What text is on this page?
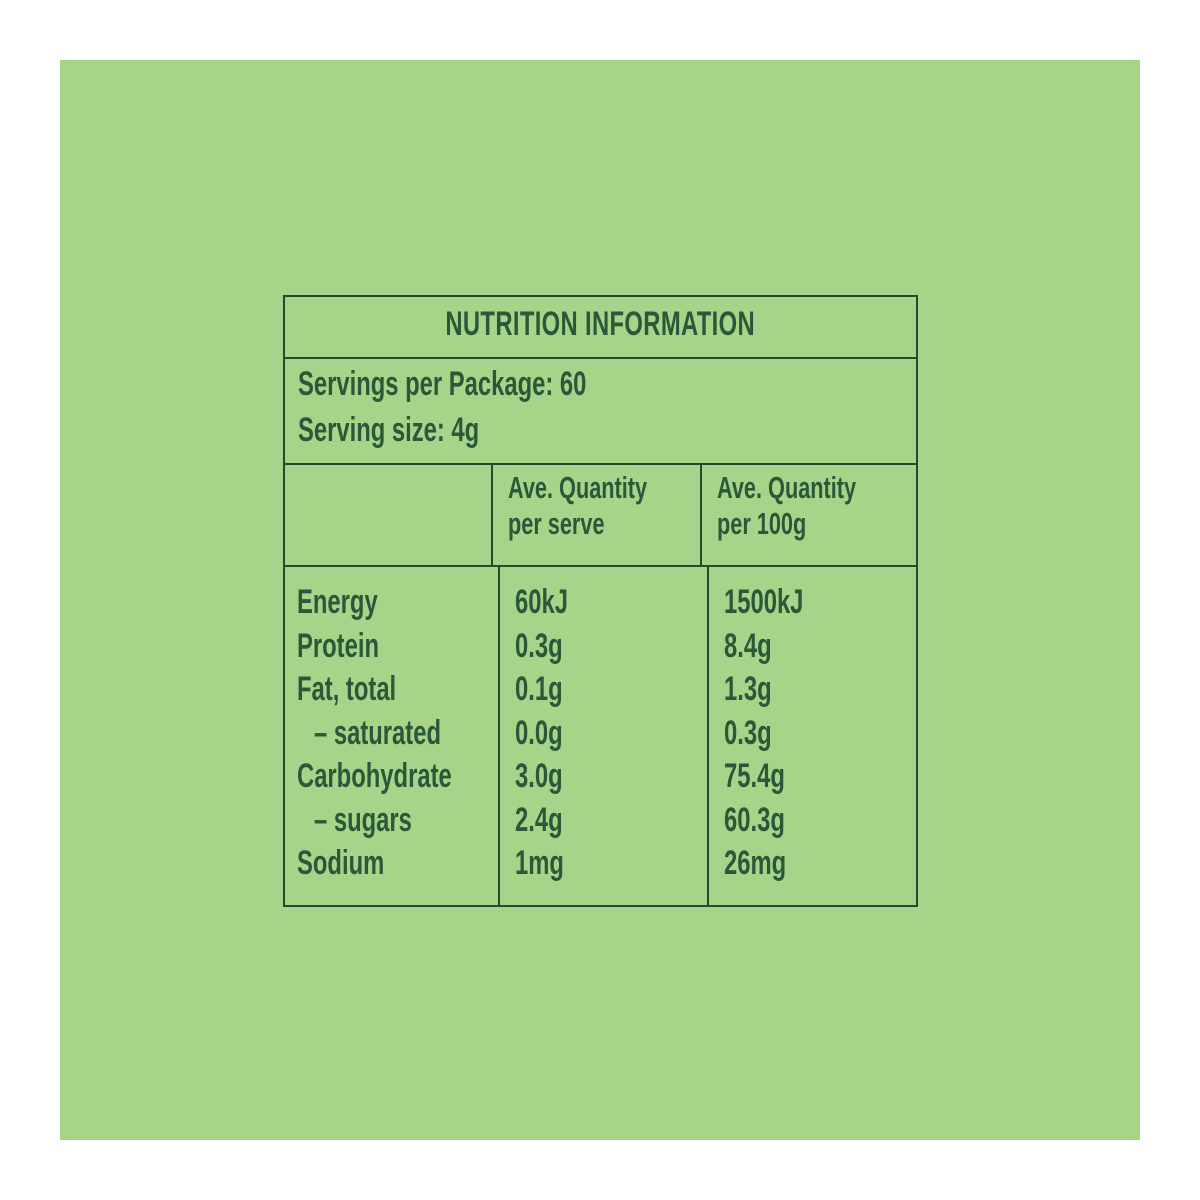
NUTRITION INFORMATION
Servings per Package: 60
Serving size: 4g
Ave. Quantity
per serve
Ave. Quantity
per 100g
Energy
Protein
Fat, total
– saturated
Carbohydrate
– sugars
Sodium
60kJ
0.3g
0.1g
0.0g
3.0g
2.4g
1mg
1500kJ
8.4g
1.3g
0.3g
75.4g
60.3g
26mg
